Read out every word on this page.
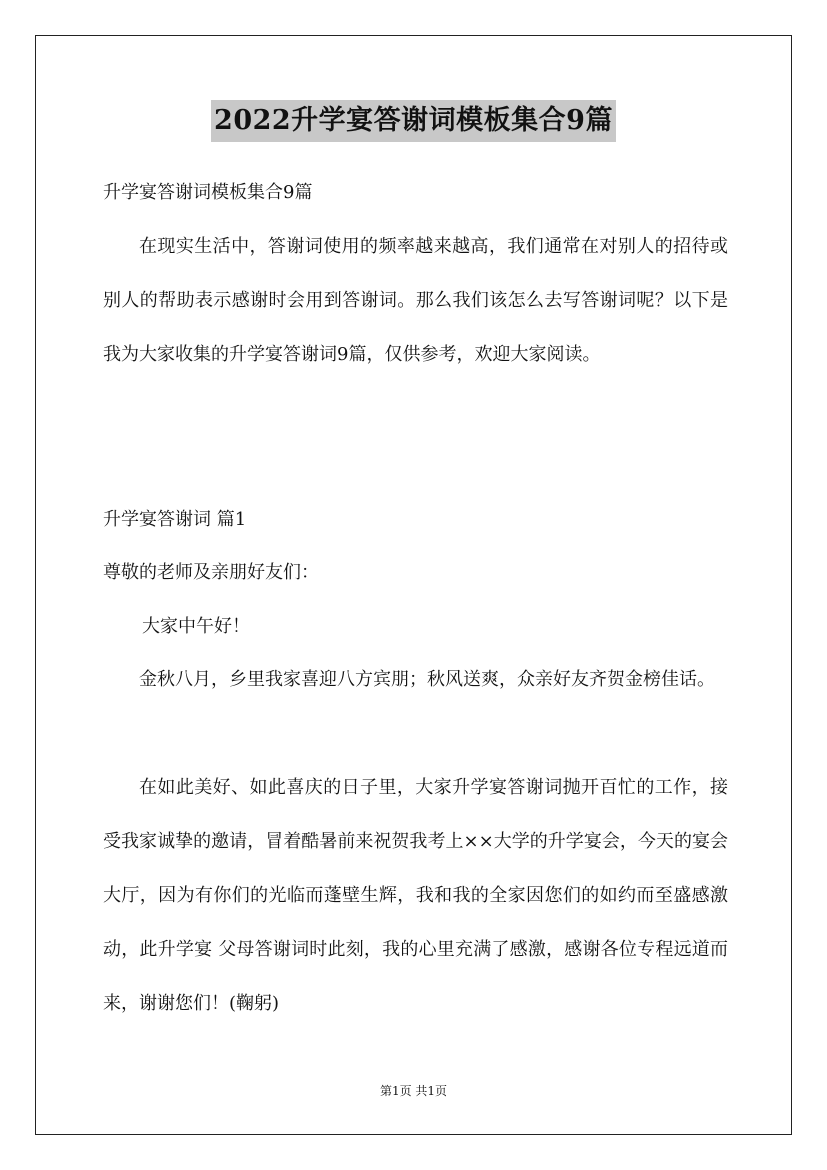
2022升学宴答谢词模板集合9篇
升学宴答谢词模板集合9篇

在现实生活中，答谢词使用的频率越来越高，我们通常在对别人的招待或别人的帮助表示感谢时会用到答谢词。那么我们该怎么去写答谢词呢？以下是我为大家收集的升学宴答谢词9篇，仅供参考，欢迎大家阅读。

升学宴答谢词 篇1
尊敬的老师及亲朋好友们：
大家中午好！

金秋八月，乡里我家喜迎八方宾朋；秋风送爽，众亲好友齐贺金榜佳话。

在如此美好、如此喜庆的日子里，大家升学宴答谢词抛开百忙的工作，接受我家诚挚的邀请，冒着酷暑前来祝贺我考上××大学的升学宴会，今天的宴会大厅，因为有你们的光临而蓬壁生辉，我和我的全家因您们的如约而至盛感激动，此升学宴 父母答谢词时此刻，我的心里充满了感激，感谢各位专程远道而来，谢谢您们！(鞠躬)

第1页 共1页
